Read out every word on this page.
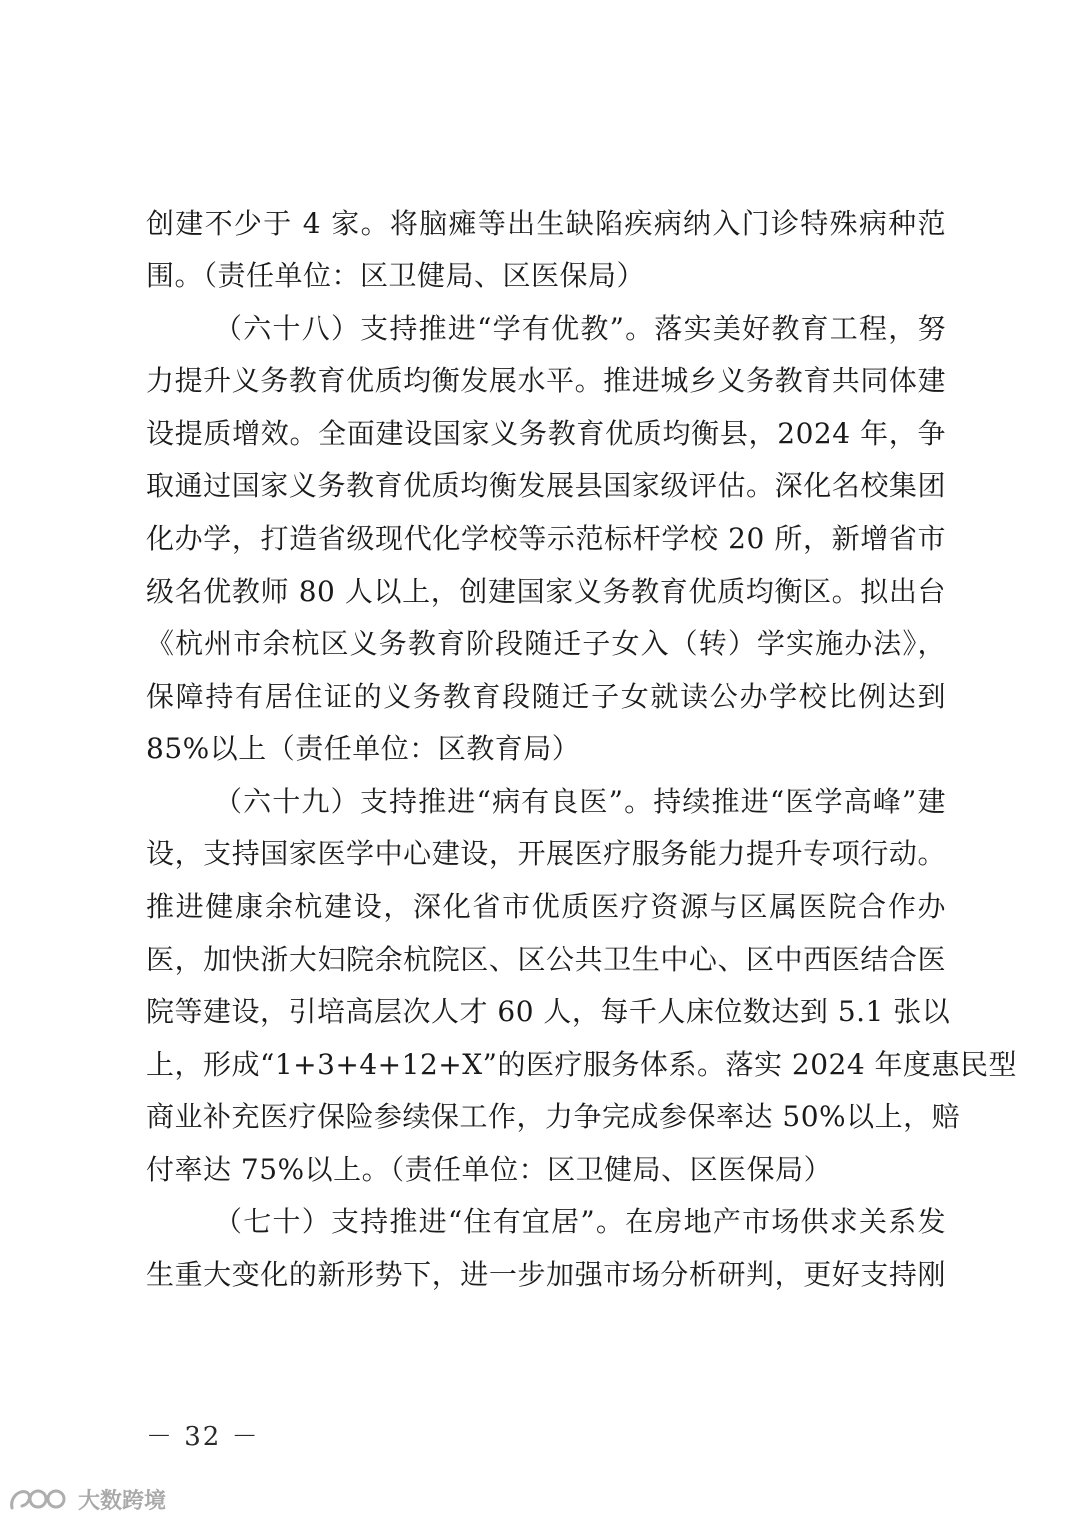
创建不少于 4 家。将脑瘫等出生缺陷疾病纳入门诊特殊病种范
围。（责任单位：区卫健局、区医保局）
（六十八）支持推进“学有优教”。落实美好教育工程，努
力提升义务教育优质均衡发展水平。推进城乡义务教育共同体建
设提质增效。全面建设国家义务教育优质均衡县，2024 年，争
取通过国家义务教育优质均衡发展县国家级评估。深化名校集团
化办学，打造省级现代化学校等示范标杆学校 20 所，新增省市
级名优教师 80 人以上，创建国家义务教育优质均衡区。拟出台
《杭州市余杭区义务教育阶段随迁子女入（转）学实施办法》，
保障持有居住证的义务教育段随迁子女就读公办学校比例达到
85%以上（责任单位：区教育局）
（六十九）支持推进“病有良医”。持续推进“医学高峰”建
设，支持国家医学中心建设，开展医疗服务能力提升专项行动。
推进健康余杭建设，深化省市优质医疗资源与区属医院合作办
医，加快浙大妇院余杭院区、区公共卫生中心、区中西医结合医
院等建设，引培高层次人才 60 人，每千人床位数达到 5.1 张以
上，形成“1+3+4+12+X”的医疗服务体系。落实 2024 年度惠民型
商业补充医疗保险参续保工作，力争完成参保率达 50%以上，赔
付率达 75%以上。（责任单位：区卫健局、区医保局）
（七十）支持推进“住有宜居”。在房地产市场供求关系发
生重大变化的新形势下，进一步加强市场分析研判，更好支持刚
－ 32 －
大数跨境
